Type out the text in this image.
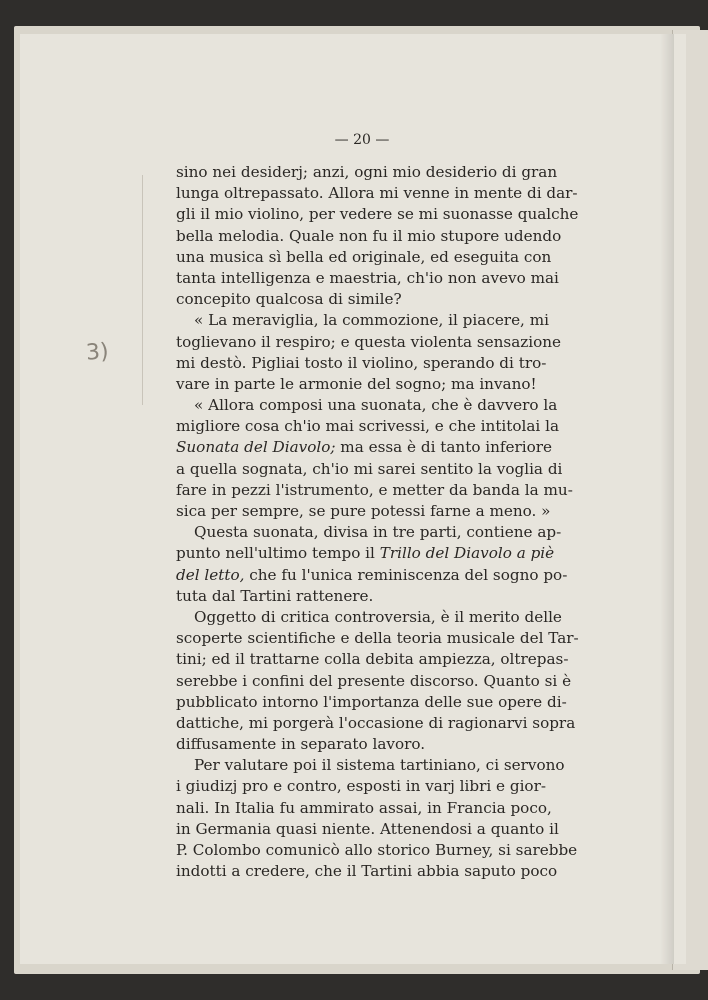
3)
— 20 —
sino nei desiderj; anzi, ogni mio desiderio di gran
lunga oltrepassato. Allora mi venne in mente di dar-
gli il mio violino, per vedere se mi suonasse qualche
bella melodia. Quale non fu il mio stupore udendo
una musica sì bella ed originale, ed eseguita con
tanta intelligenza e maestria, ch'io non avevo mai
concepito qualcosa di simile?
« La meraviglia, la commozione, il piacere, mi
toglievano il respiro; e questa violenta sensazione
mi destò. Pigliai tosto il violino, sperando di tro-
vare in parte le armonie del sogno; ma invano!
« Allora composi una suonata, che è davvero la
migliore cosa ch'io mai scrivessi, e che intitolai la
Suonata del Diavolo; ma essa è di tanto inferiore
a quella sognata, ch'io mi sarei sentito la voglia di
fare in pezzi l'istrumento, e metter da banda la mu-
sica per sempre, se pure potessi farne a meno. »
Questa suonata, divisa in tre parti, contiene ap-
punto nell'ultimo tempo il Trillo del Diavolo a piè
del letto, che fu l'unica reminiscenza del sogno po-
tuta dal Tartini rattenere.
Oggetto di critica controversia, è il merito delle
scoperte scientifiche e della teoria musicale del Tar-
tini; ed il trattarne colla debita ampiezza, oltrepas-
serebbe i confini del presente discorso. Quanto si è
pubblicato intorno l'importanza delle sue opere di-
dattiche, mi porgerà l'occasione di ragionarvi sopra
diffusamente in separato lavoro.
Per valutare poi il sistema tartiniano, ci servono
i giudizj pro e contro, esposti in varj libri e gior-
nali. In Italia fu ammirato assai, in Francia poco,
in Germania quasi niente. Attenendosi a quanto il
P. Colombo comunicò allo storico Burney, si sarebbe
indotti a credere, che il Tartini abbia saputo poco
